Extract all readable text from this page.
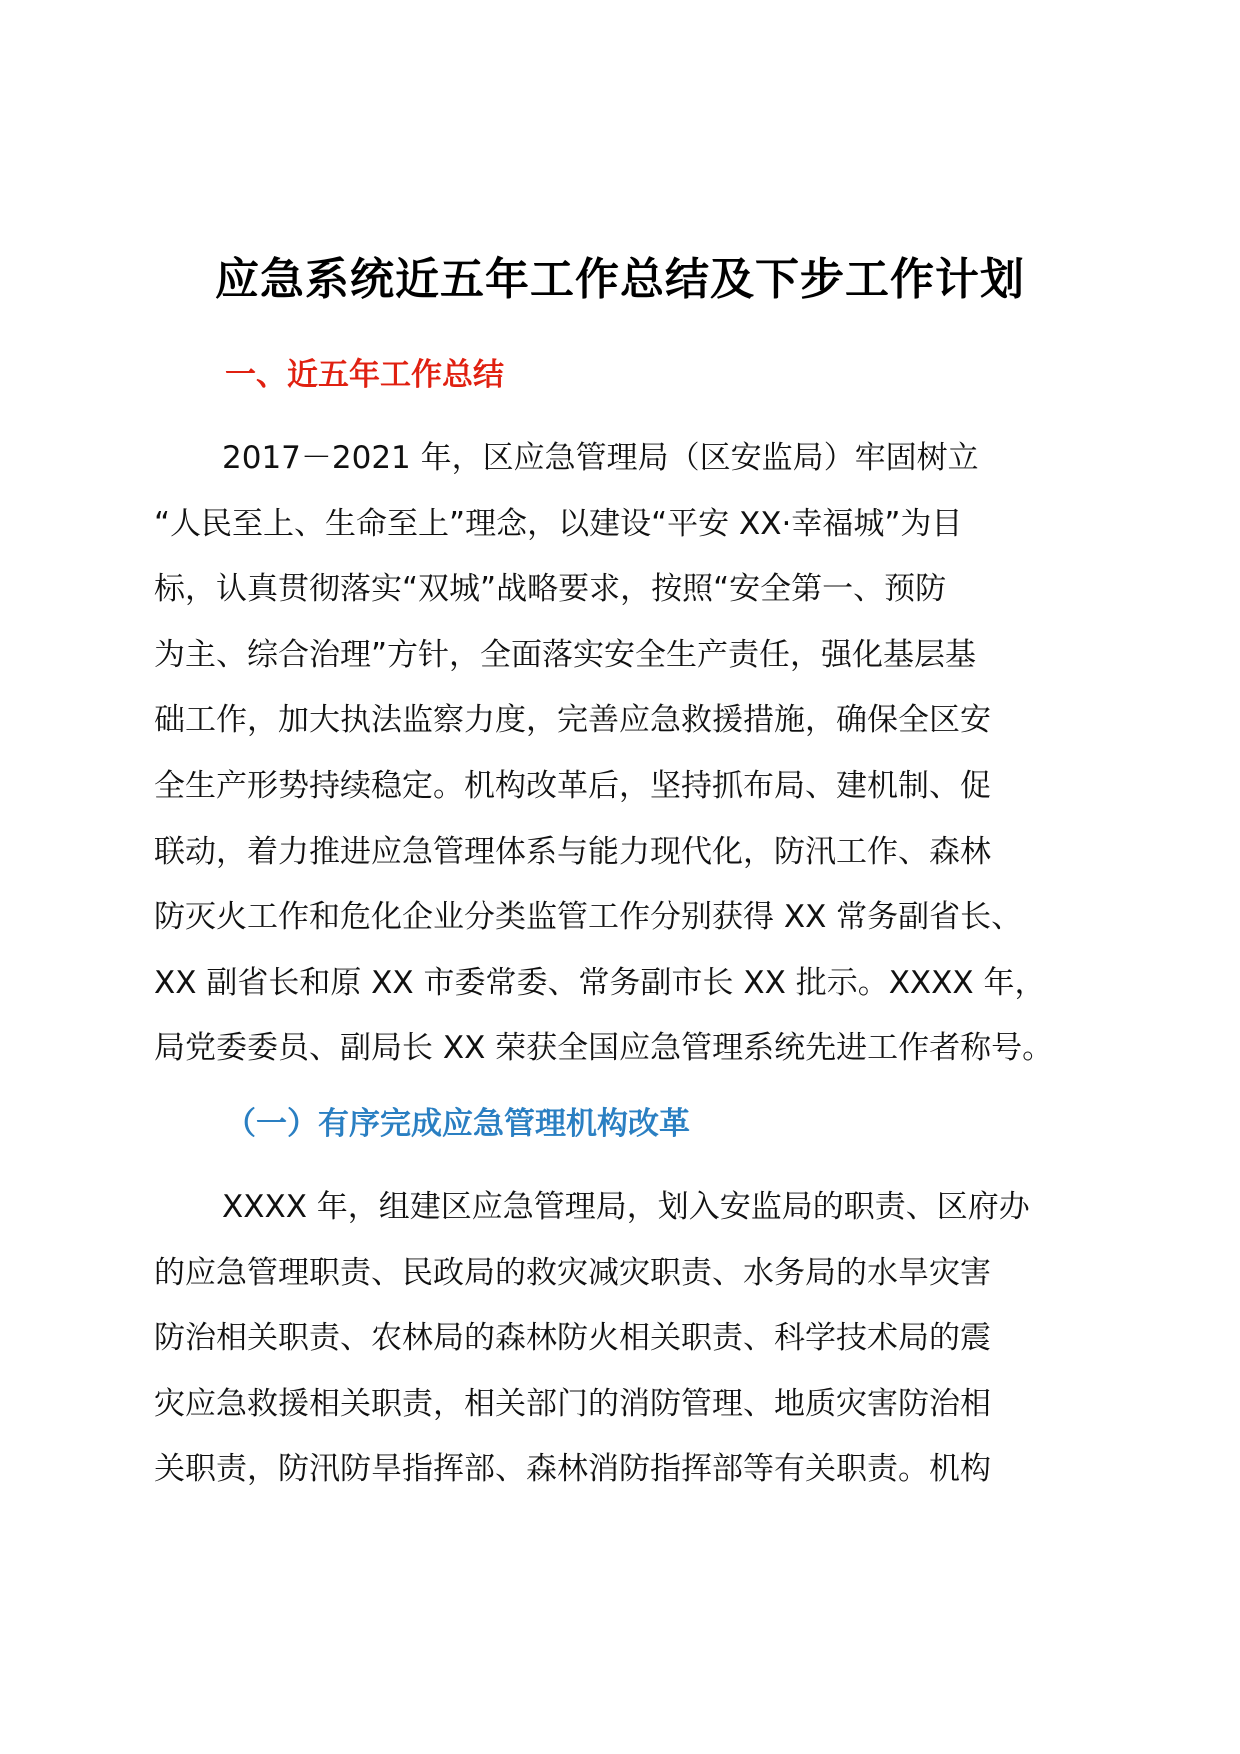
应急系统近五年工作总结及下步工作计划
一、近五年工作总结
2017－2021 年，区应急管理局（区安监局）牢固树立
“人民至上、生命至上”理念，以建设“平安 XX·幸福城”为目
标，认真贯彻落实“双城”战略要求，按照“安全第一、预防
为主、综合治理”方针，全面落实安全生产责任，强化基层基
础工作，加大执法监察力度，完善应急救援措施，确保全区安
全生产形势持续稳定。机构改革后，坚持抓布局、建机制、促
联动，着力推进应急管理体系与能力现代化，防汛工作、森林
防灭火工作和危化企业分类监管工作分别获得 XX 常务副省长、
XX 副省长和原 XX 市委常委、常务副市长 XX 批示。XXXX 年，
局党委委员、副局长 XX 荣获全国应急管理系统先进工作者称号。
（一）有序完成应急管理机构改革
XXXX 年，组建区应急管理局，划入安监局的职责、区府办
的应急管理职责、民政局的救灾减灾职责、水务局的水旱灾害
防治相关职责、农林局的森林防火相关职责、科学技术局的震
灾应急救援相关职责，相关部门的消防管理、地质灾害防治相
关职责，防汛防旱指挥部、森林消防指挥部等有关职责。机构
